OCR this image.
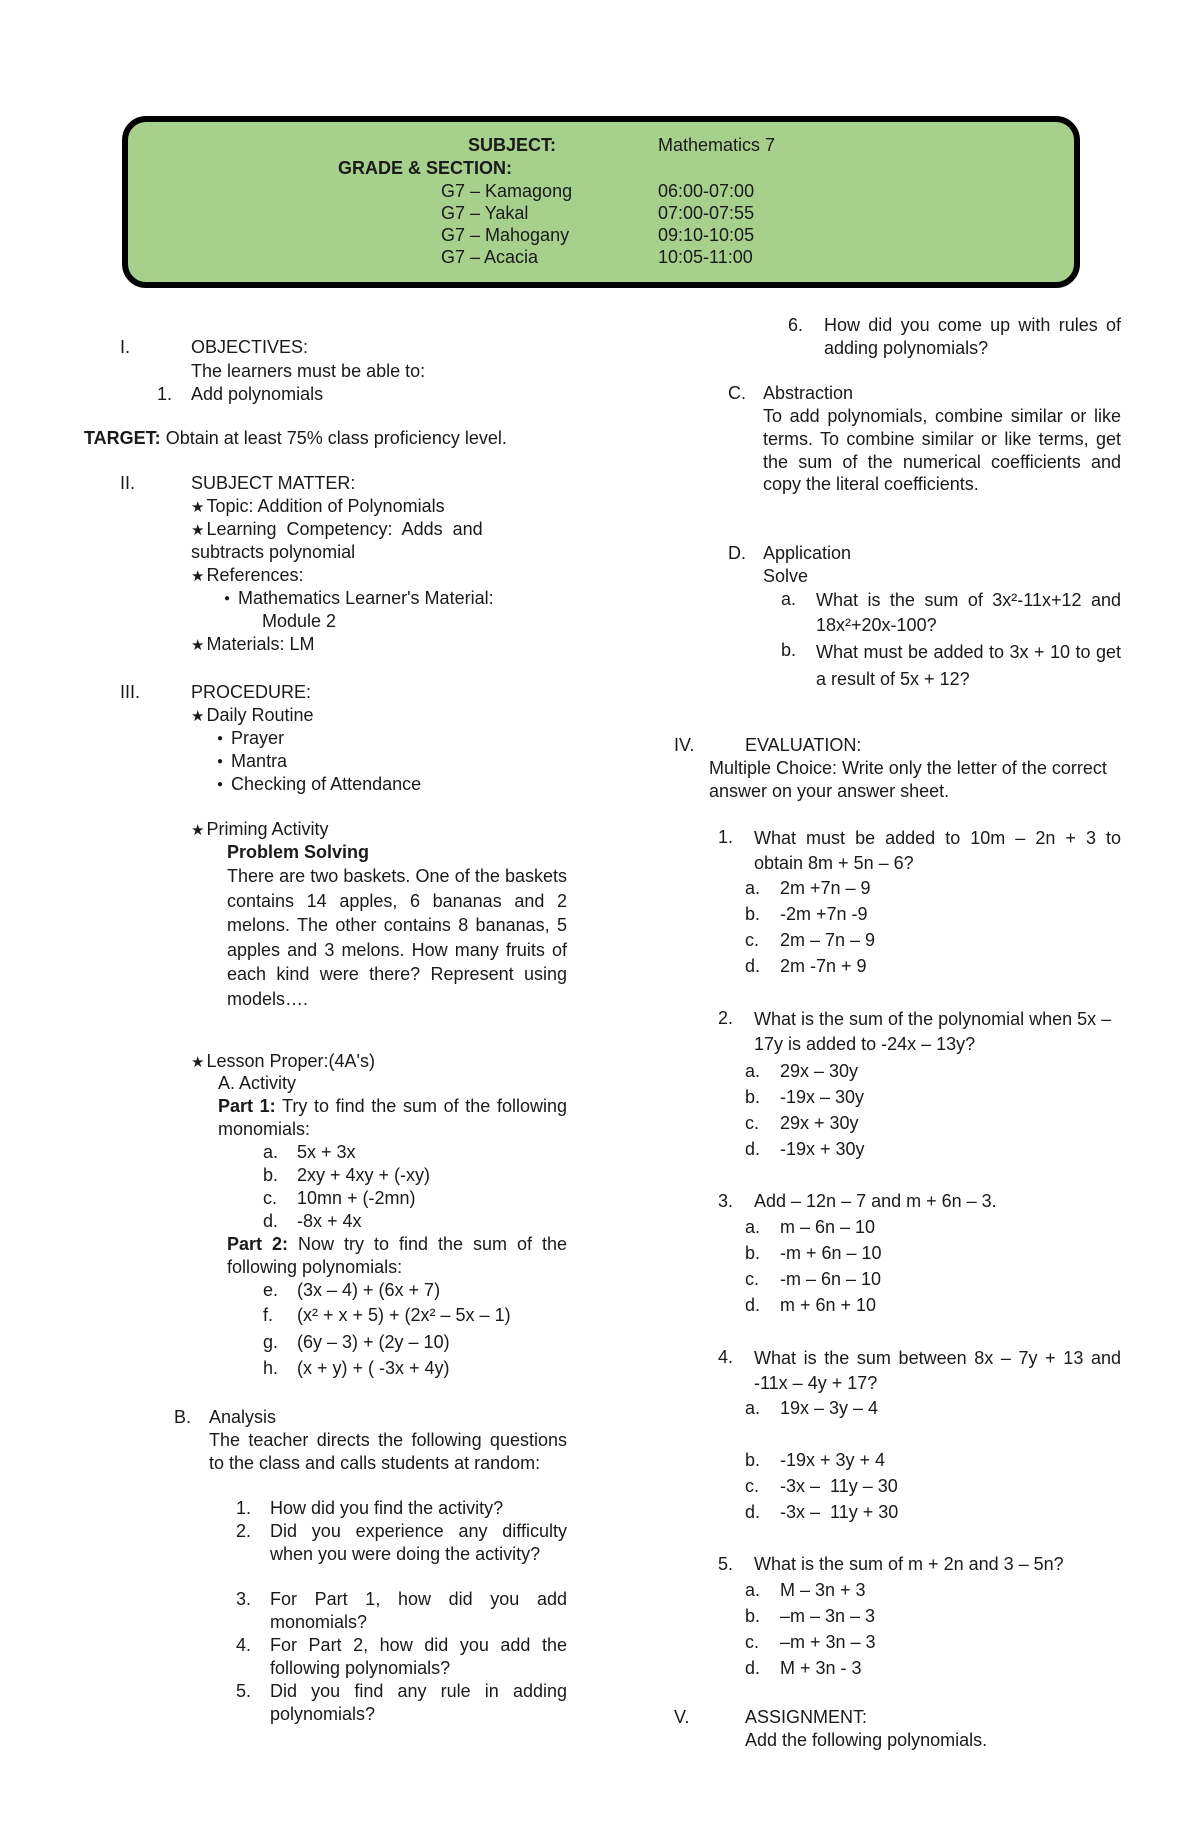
SUBJECT:	Mathematics 7
GRADE & SECTION:
G7 – Kamagong	06:00-07:00
G7 – Yakal	07:00-07:55
G7 – Mahogany	09:10-10:05
G7 – Acacia	10:05-11:00
I.	OBJECTIVES:
The learners must be able to:
1. Add polynomials
TARGET: Obtain at least 75% class proficiency level.
II.	SUBJECT MATTER:
★ Topic: Addition of Polynomials
★ Learning  Competency:  Adds  and
subtracts polynomial
★ References:
● Mathematics Learner's Material:
Module 2
★ Materials: LM
III.	PROCEDURE:
★ Daily Routine
● Prayer
● Mantra
● Checking of Attendance
★ Priming Activity
Problem Solving
There are two baskets. One of the baskets contains 14 apples, 6 bananas and 2 melons. The other contains 8 bananas, 5 apples and 3 melons. How many fruits of each kind were there? Represent using models….
★ Lesson Proper:(4A's)
A. Activity
Part 1: Try to find the sum of the following monomials:
a. 5x + 3x
b. 2xy + 4xy + (-xy)
c. 10mn + (-2mn)
d. -8x + 4x
Part 2: Now try to find the sum of the following polynomials:
e. (3x – 4) + (6x + 7)
f. (x² + x + 5) + (2x² – 5x – 1)
g. (6y – 3) + (2y – 10)
h. (x + y) + ( -3x + 4y)
B. Analysis
The teacher directs the following questions to the class and calls students at random:
1. How did you find the activity?
2. Did you experience any difficulty when you were doing the activity?
3. For Part 1, how did you add monomials?
4. For Part 2, how did you add the following polynomials?
5. Did you find any rule in adding polynomials?
6. How did you come up with rules of adding polynomials?
C. Abstraction
To add polynomials, combine similar or like terms. To combine similar or like terms, get the sum of the numerical coefficients and copy the literal coefficients.
D. Application
Solve
a. What is the sum of 3x²-11x+12 and 18x²+20x-100?
b. What must be added to 3x + 10 to get a result of 5x + 12?
IV.	EVALUATION:
Multiple Choice: Write only the letter of the correct answer on your answer sheet.
1. What must be added to 10m – 2n + 3 to obtain 8m + 5n – 6?
a. 2m +7n – 9
b. -2m +7n -9
c. 2m – 7n – 9
d. 2m -7n + 9
2. What is the sum of the polynomial when 5x – 17y is added to -24x – 13y?
a. 29x – 30y
b. -19x – 30y
c. 29x + 30y
d. -19x + 30y
3. Add – 12n – 7 and m + 6n – 3.
a. m – 6n – 10
b. -m + 6n – 10
c. -m – 6n – 10
d. m + 6n + 10
4. What is the sum between 8x – 7y + 13 and -11x – 4y + 17?
a. 19x – 3y – 4
b. -19x + 3y + 4
c. -3x –  11y – 30
d. -3x –  11y + 30
5. What is the sum of m + 2n and 3 – 5n?
a. M – 3n + 3
b. –m – 3n – 3
c. –m + 3n – 3
d. M + 3n - 3
V.	ASSIGNMENT:
Add the following polynomials.
